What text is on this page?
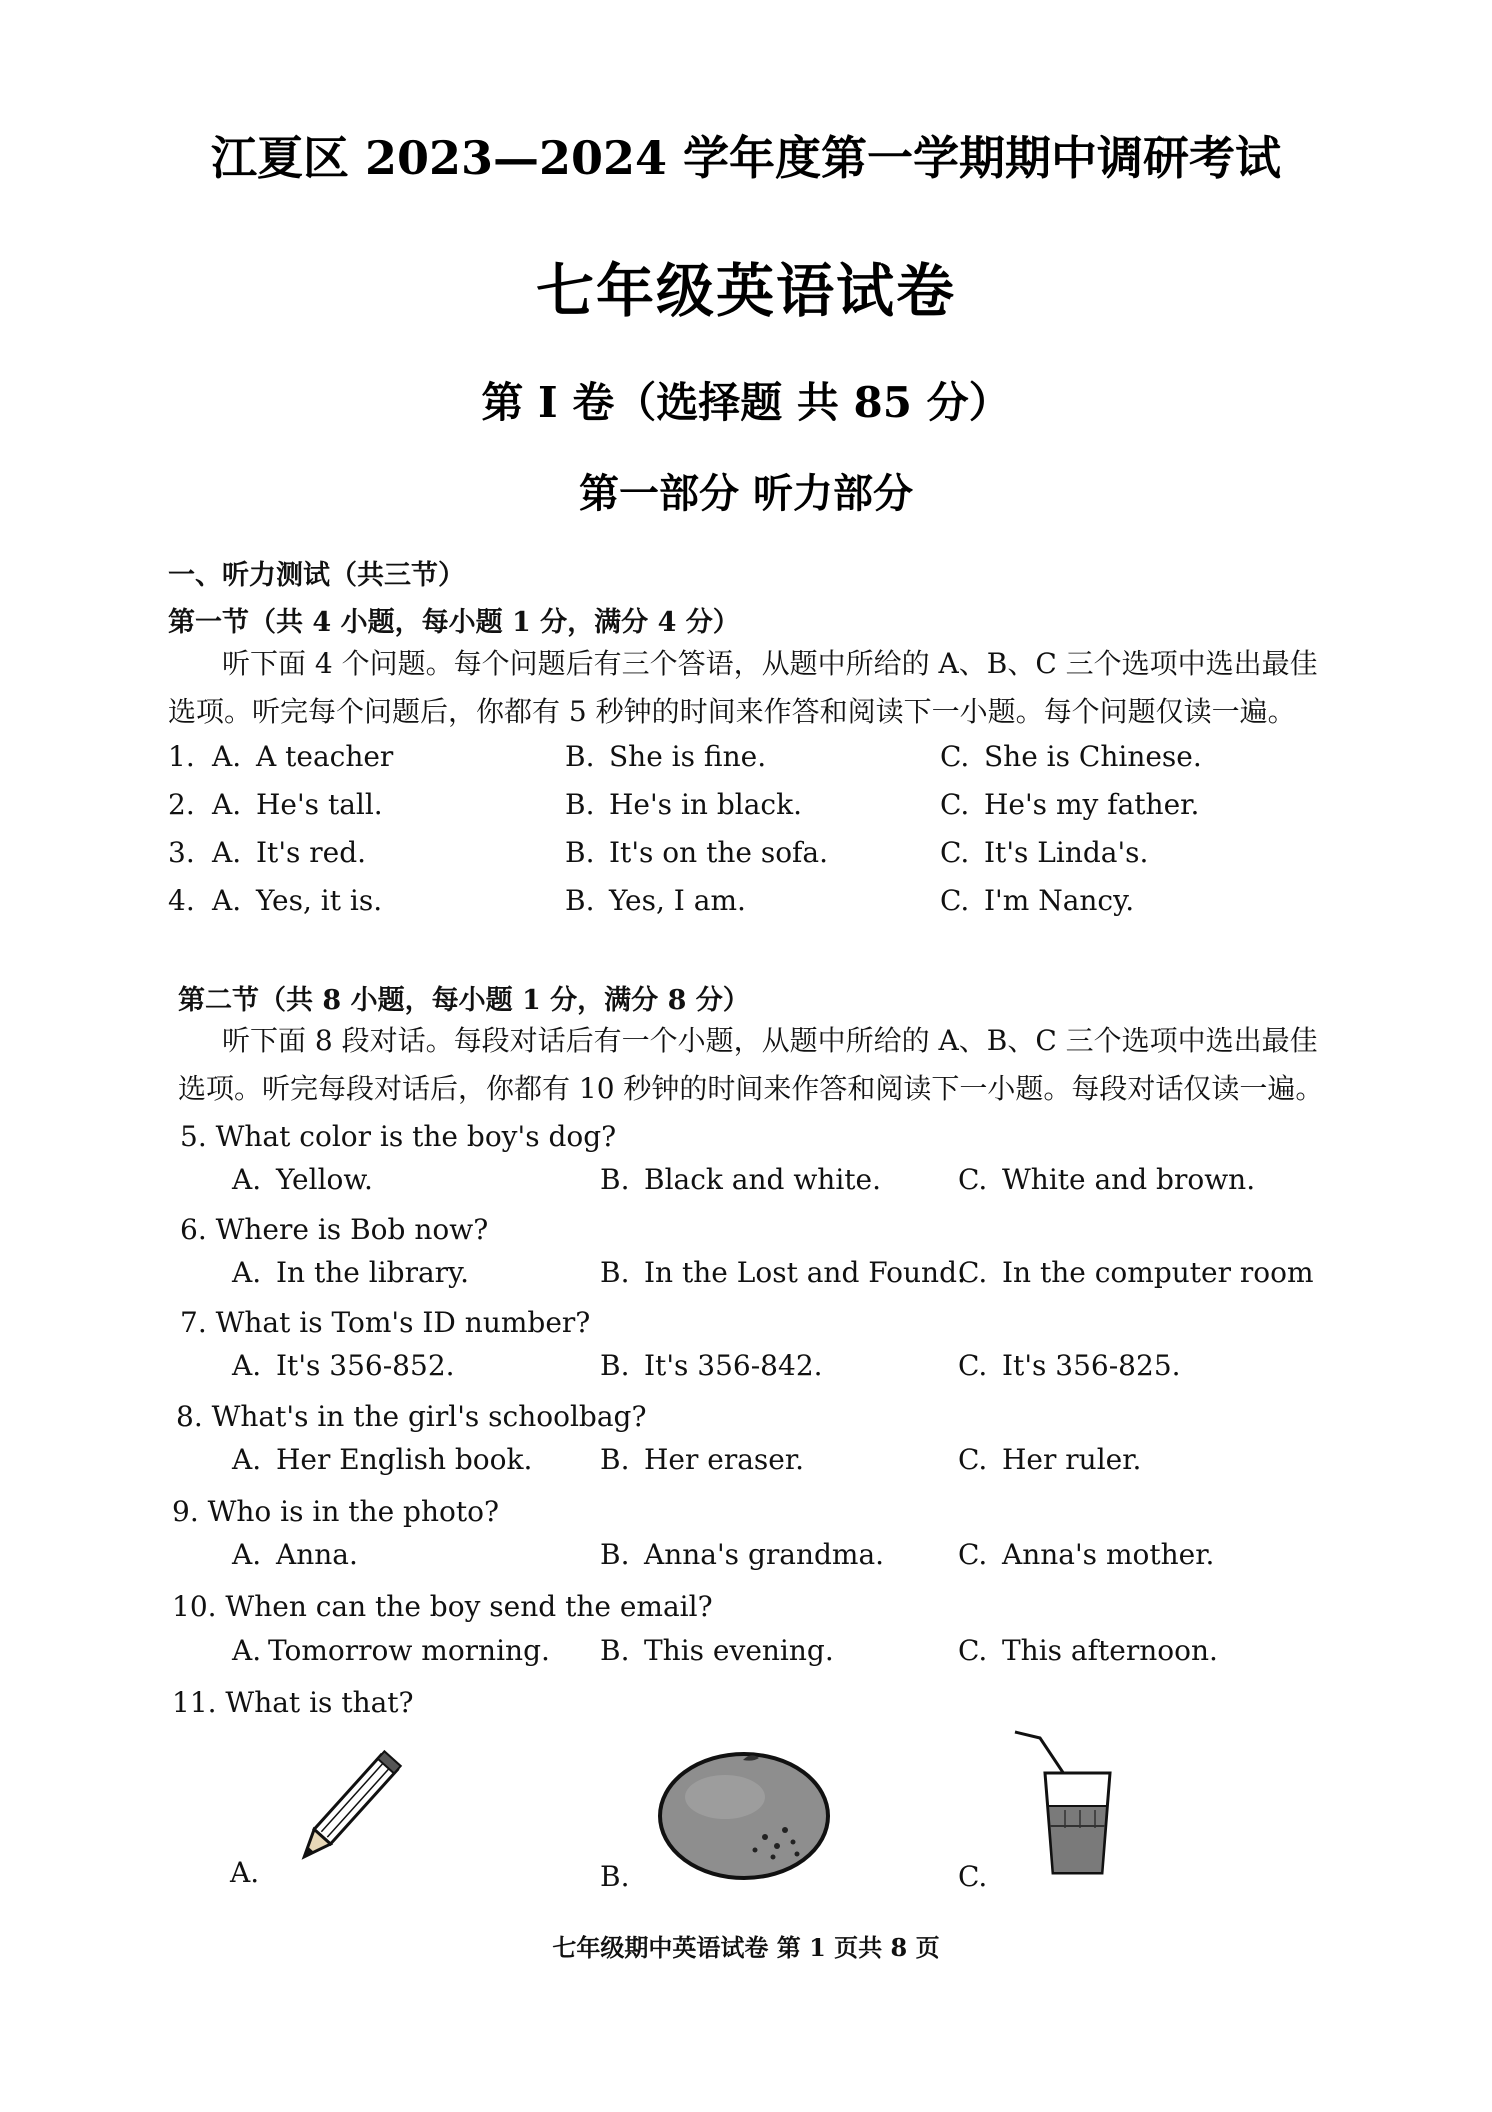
江夏区 2023—2024 学年度第一学期期中调研考试
七年级英语试卷
第 I 卷（选择题 共 85 分）
第一部分 听力部分
一、听力测试（共三节）
第一节（共 4 小题，每小题 1 分，满分 4 分）
听下面 4 个问题。每个问题后有三个答语，从题中所给的 A、B、C 三个选项中选出最佳
选项。听完每个问题后，你都有 5 秒钟的时间来作答和阅读下一小题。每个问题仅读一遍。
1. A. A teacher	B. She is fine.	C. She is Chinese.
2. A. He's tall.	B. He's in black.	C. He's my father.
3. A. It's red.	B. It's on the sofa.	C. It's Linda's.
4. A. Yes, it is.	B. Yes, I am.	C. I'm Nancy.
第二节（共 8 小题，每小题 1 分，满分 8 分）
听下面 8 段对话。每段对话后有一个小题，从题中所给的 A、B、C 三个选项中选出最佳
选项。听完每段对话后，你都有 10 秒钟的时间来作答和阅读下一小题。每段对话仅读一遍。
5. What color is the boy's dog?
A. Yellow.	B. Black and white.	C. White and brown.
6. Where is Bob now?
A. In the library.	B. In the Lost and Found.
C. In the computer room
7. What is Tom's ID number?
A. It's 356-852.	B. It's 356-842.	C. It's 356-825.
8. What's in the girl's schoolbag?
A. Her English book. B. Her eraser.	C. Her ruler.
9. Who is in the photo?
A. Anna.	B. Anna's grandma.	C. Anna's mother.
10. When can the boy send the email?
A. Tomorrow morning. B. This evening.	C. This afternoon.
11. What is that?
A.	B.	C.
七年级期中英语试卷 第 1 页共 8 页
